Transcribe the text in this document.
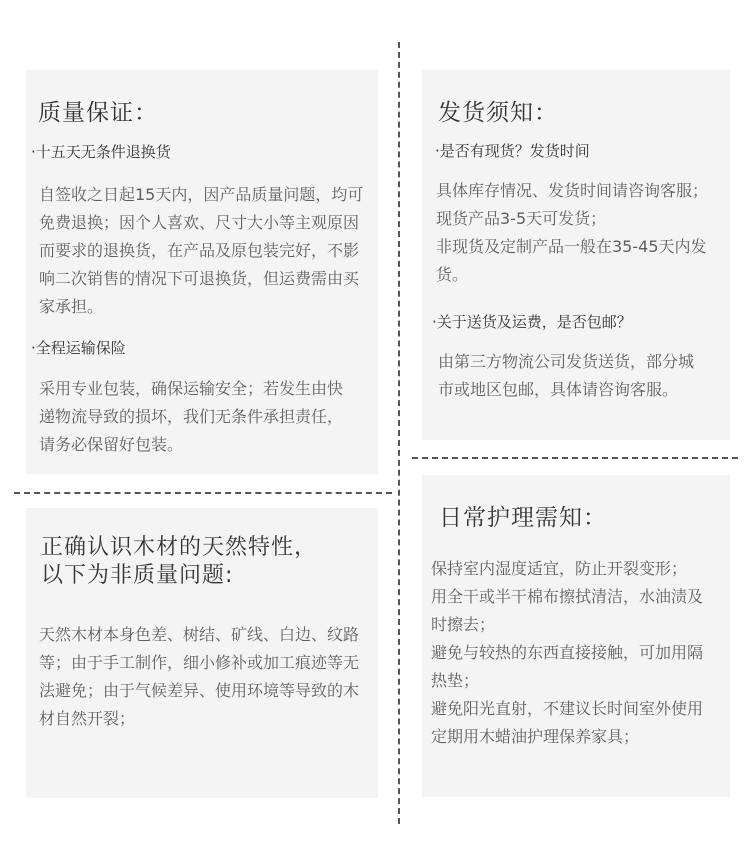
质量保证：
·十五天无条件退换货
自签收之日起15天内，因产品质量问题，均可
免费退换；因个人喜欢、尺寸大小等主观原因
而要求的退换货，在产品及原包装完好，不影
响二次销售的情况下可退换货，但运费需由买
家承担。
·全程运输保险
采用专业包装，确保运输安全；若发生由快
递物流导致的损坏，我们无条件承担责任，
请务必保留好包装。
发货须知：
·是否有现货？发货时间
具体库存情况、发货时间请咨询客服；
现货产品3-5天可发货；
非现货及定制产品一般在35-45天内发
货。
·关于送货及运费，是否包邮？
由第三方物流公司发货送货，部分城
市或地区包邮，具体请咨询客服。
正确认识木材的天然特性，
以下为非质量问题:
天然木材本身色差、树结、矿线、白边、纹路
等；由于手工制作，细小修补或加工痕迹等无
法避免；由于气候差异、使用环境等导致的木
材自然开裂；
日常护理需知：
保持室内湿度适宜，防止开裂变形；
用全干或半干棉布擦拭清洁，水油渍及
时擦去；
避免与较热的东西直接接触，可加用隔
热垫；
避免阳光直射，不建议长时间室外使用
定期用木蜡油护理保养家具；
